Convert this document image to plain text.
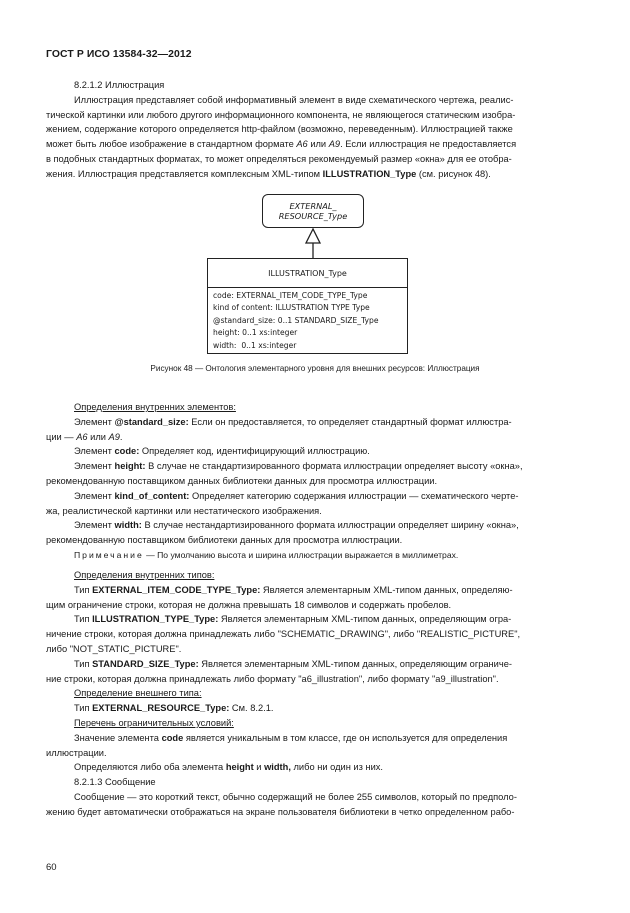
ГОСТ Р ИСО 13584-32—2012

8.2.1.2 Иллюстрация

Иллюстрация представляет собой информативный элемент в виде схематического чертежа, реалис-

тической картинки или любого другого информационного компонента, не являющегося статическим изобра-

жением, содержание которого определяется http-файлом (возможно, переведенным). Иллюстрацией также

может быть любое изображение в стандартном формате A6 или A9. Если иллюстрация не предоставляется

в подобных стандартных форматах, то может определяться рекомендуемый размер «окна» для ее отобра-

жения. Иллюстрация представляется комплексным XML-типом ILLUSTRATION_Type (см. рисунок 48).

EXTERNAL_
RESOURCE_Type
ILLUSTRATION_Type
code: EXTERNAL_ITEM_CODE_TYPE_Type
kind of content: ILLUSTRATION TYPE Type
@standard_size: 0..1 STANDARD_SIZE_Type
height: 0..1 xs:integer
width:  0..1 xs:integer
Рисунок 48 — Онтология элементарного уровня для внешних ресурсов: Иллюстрация

Определения внутренних элементов:

Элемент @standard_size: Если он предоставляется, то определяет стандартный формат иллюстра-

ции — A6 или A9.

Элемент code: Определяет код, идентифицирующий иллюстрацию.

Элемент height: В случае не стандартизированного формата иллюстрации определяет высоту «окна»,

рекомендованную поставщиком данных библиотеки данных для просмотра иллюстрации.

Элемент kind_of_content: Определяет категорию содержания иллюстрации — схематического черте-

жа, реалистической картинки или нестатического изображения.

Элемент width: В случае нестандартизированного формата иллюстрации определяет ширину «окна»,

рекомендованную поставщиком библиотеки данных для просмотра иллюстрации.

Примечание — По умолчанию высота и ширина иллюстрации выражается в миллиметрах.

Определения внутренних типов:

Тип EXTERNAL_ITEM_CODE_TYPE_Type: Является элементарным XML-типом данных, определяю-

щим ограничение строки, которая не должна превышать 18 символов и содержать пробелов.

Тип ILLUSTRATION_TYPE_Type: Является элементарным XML-типом данных, определяющим огра-

ничение строки, которая должна принадлежать либо "SCHEMATIC_DRAWING", либо "REALISTIC_PICTURE",

либо "NOT_STATIC_PICTURE".

Тип STANDARD_SIZE_Type: Является элементарным XML-типом данных, определяющим ограниче-

ние строки, которая должна принадлежать либо формату "a6_illustration", либо формату "a9_illustration".

Определение внешнего типа:

Тип EXTERNAL_RESOURCE_Type: См. 8.2.1.

Перечень ограничительных условий:

Значение элемента code является уникальным в том классе, где он используется для определения

иллюстрации.

Определяются либо оба элемента height и width, либо ни один из них.

8.2.1.3 Сообщение

Сообщение — это короткий текст, обычно содержащий не более 255 символов, который по предполо-

жению будет автоматически отображаться на экране пользователя библиотеки в четко определенном рабо-

60
